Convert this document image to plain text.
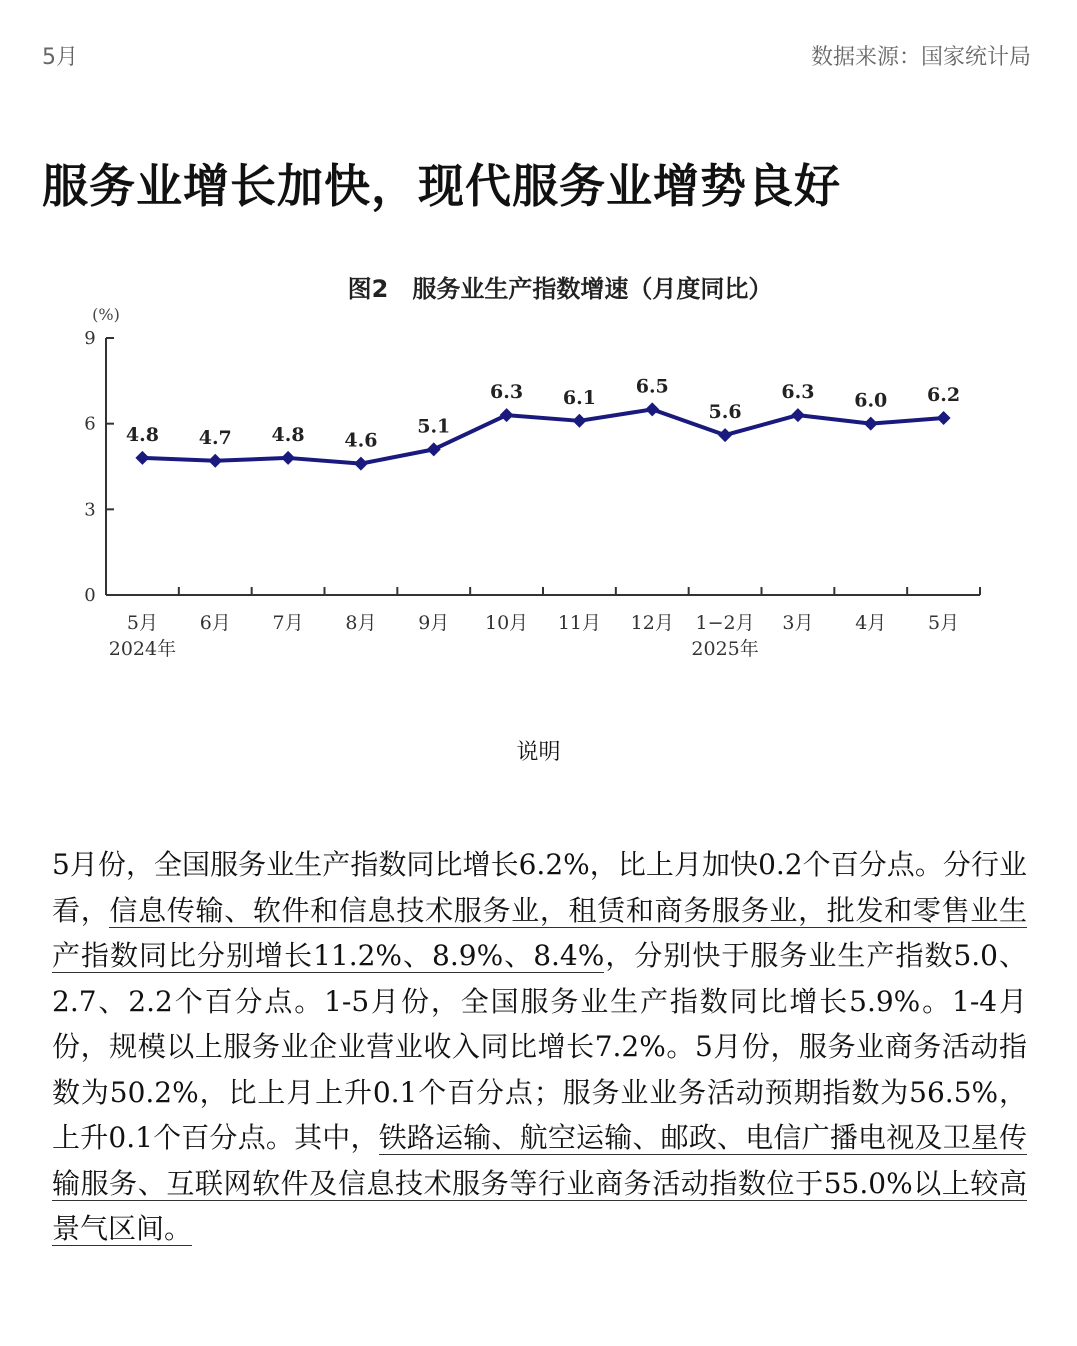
5月	数据来源：国家统计局
服务业增长加快，现代服务业增势良好
图2　服务业生产指数增速（月度同比）
(%)
0
3
6
9
5月 6月 7月 8月 9月 10月 11月 12月 1−2月 3月 4月 5月
2024年	2025年
4.8 4.7 4.8 4.6
5.1
6.3 6.1
6.5
5.6
6.3 6.0 6.2
说明

5月份，全国服务业生产指数同比增长6.2%，比上月加快0.2个百分点。分行业看，信息传输、软件和信息技术服务业，租赁和商务服务业，批发和零售业生产指数同比分别增长11.2%、8.9%、8.4%，分别快于服务业生产指数5.0、2.7、2.2个百分点。1-5月份，全国服务业生产指数同比增长5.9%。1-4月份，规模以上服务业企业营业收入同比增长7.2%。5月份，服务业商务活动指数为50.2%，比上月上升0.1个百分点；服务业业务活动预期指数为56.5%，上升0.1个百分点。其中，铁路运输、航空运输、邮政、电信广播电视及卫星传输服务、互联网软件及信息技术服务等行业商务活动指数位于55.0%以上较高景气区间。
